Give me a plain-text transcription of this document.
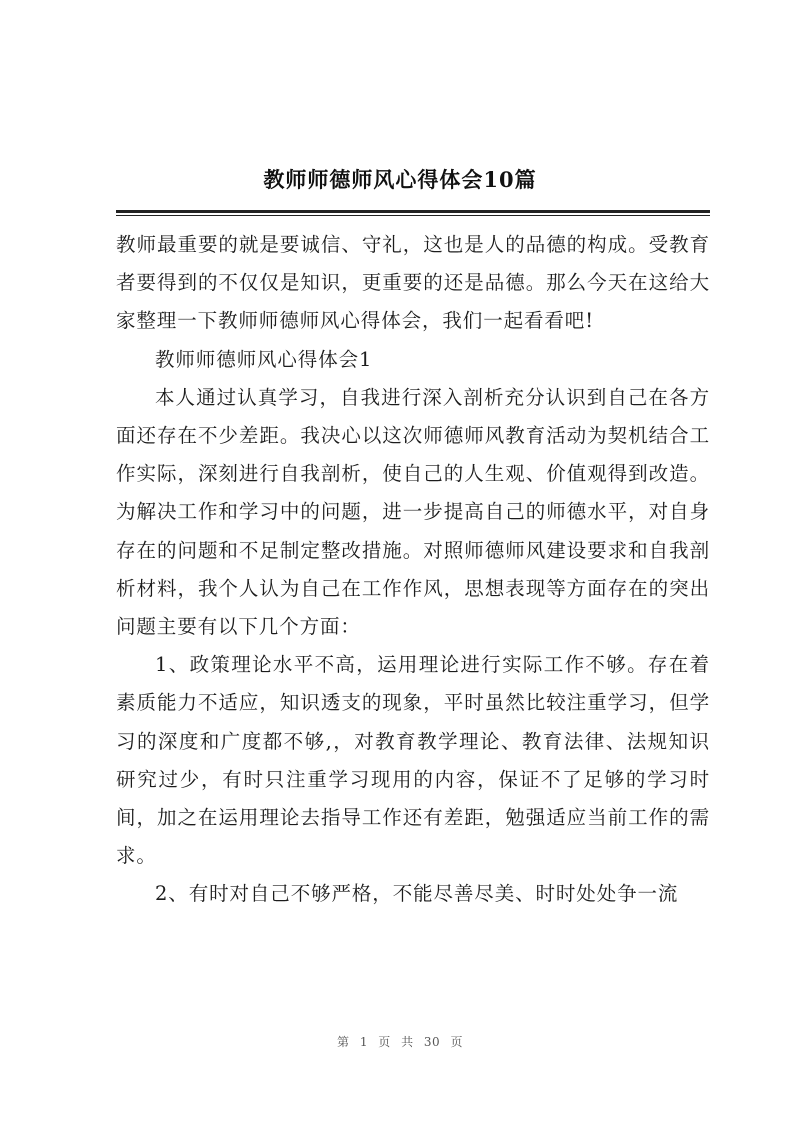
教师师德师风心得体会10篇

教师最重要的就是要诚信、守礼，这也是人的品德的构成。受教育者要得到的不仅仅是知识，更重要的还是品德。那么今天在这给大家整理一下教师师德师风心得体会，我们一起看看吧!

教师师德师风心得体会1

本人通过认真学习，自我进行深入剖析充分认识到自己在各方面还存在不少差距。我决心以这次师德师风教育活动为契机结合工作实际，深刻进行自我剖析，使自己的人生观、价值观得到改造。为解决工作和学习中的问题，进一步提高自己的师德水平，对自身存在的问题和不足制定整改措施。对照师德师风建设要求和自我剖析材料，我个人认为自己在工作作风，思想表现等方面存在的突出问题主要有以下几个方面：

1、政策理论水平不高，运用理论进行实际工作不够。存在着素质能力不适应，知识透支的现象，平时虽然比较注重学习，但学习的深度和广度都不够,，对教育教学理论、教育法律、法规知识研究过少，有时只注重学习现用的内容，保证不了足够的学习时间，加之在运用理论去指导工作还有差距，勉强适应当前工作的需求。

2、有时对自己不够严格，不能尽善尽美、时时处处争一流

第 1 页 共 30 页
